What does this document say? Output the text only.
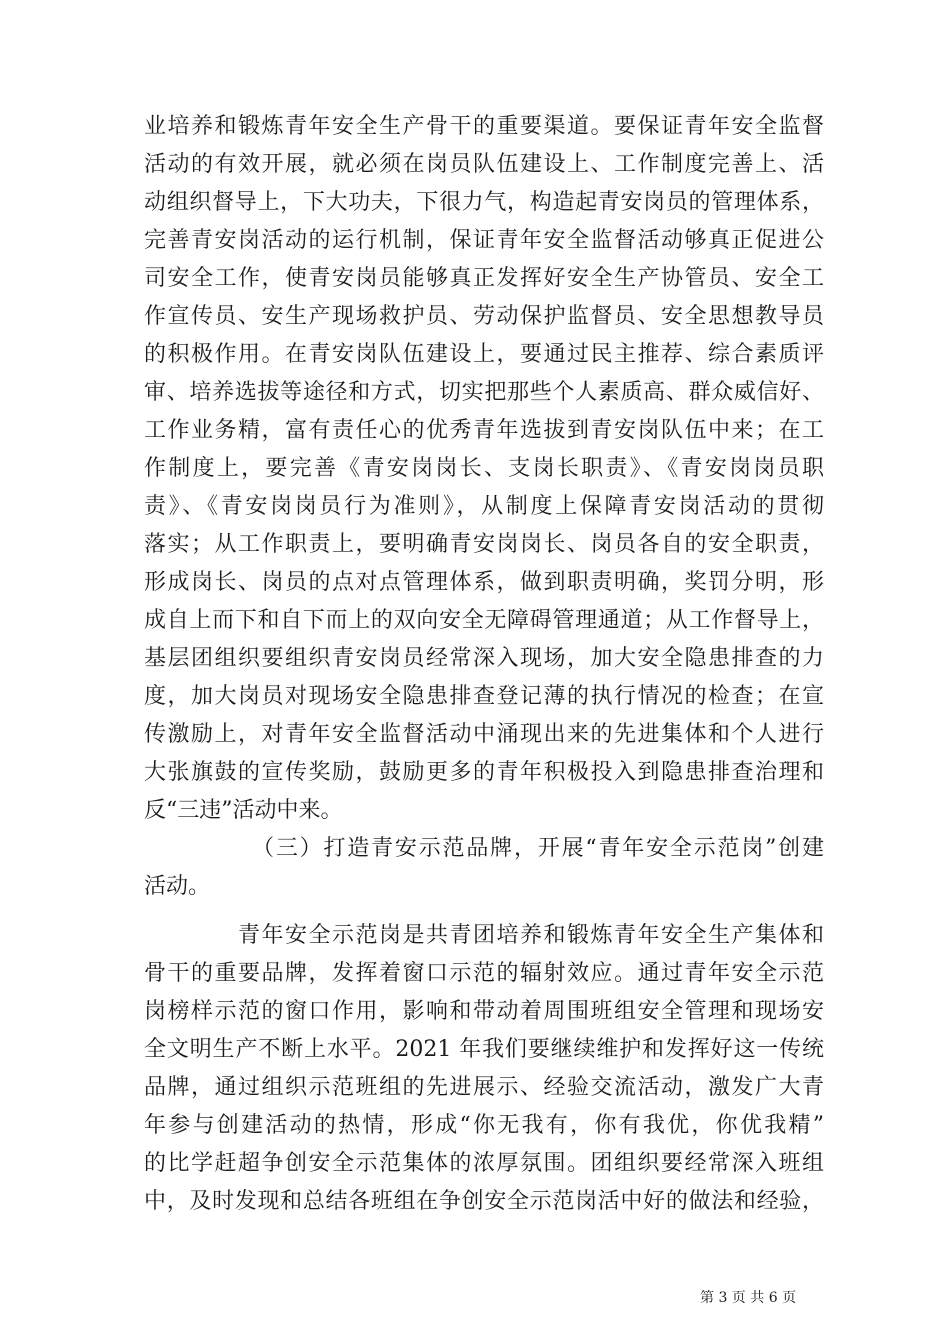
业培养和锻炼青年安全生产骨干的重要渠道。要保证青年安全监督
活动的有效开展，就必须在岗员队伍建设上、工作制度完善上、活
动组织督导上，下大功夫，下很力气，构造起青安岗员的管理体系，
完善青安岗活动的运行机制，保证青年安全监督活动够真正促进公
司安全工作，使青安岗员能够真正发挥好安全生产协管员、安全工
作宣传员、安生产现场救护员、劳动保护监督员、安全思想教导员
的积极作用。在青安岗队伍建设上，要通过民主推荐、综合素质评
审、培养选拔等途径和方式，切实把那些个人素质高、群众威信好、
工作业务精，富有责任心的优秀青年选拔到青安岗队伍中来；在工
作制度上，要完善《青安岗岗长、支岗长职责》、《青安岗岗员职
责》、《青安岗岗员行为准则》，从制度上保障青安岗活动的贯彻
落实；从工作职责上，要明确青安岗岗长、岗员各自的安全职责，
形成岗长、岗员的点对点管理体系，做到职责明确，奖罚分明，形
成自上而下和自下而上的双向安全无障碍管理通道；从工作督导上，
基层团组织要组织青安岗员经常深入现场，加大安全隐患排查的力
度，加大岗员对现场安全隐患排查登记薄的执行情况的检查；在宣
传激励上，对青年安全监督活动中涌现出来的先进集体和个人进行
大张旗鼓的宣传奖励，鼓励更多的青年积极投入到隐患排查治理和
反“三违”活动中来。
　　　　　（三）打造青安示范品牌，开展“青年安全示范岗”创建
活动。
　　　　青年安全示范岗是共青团培养和锻炼青年安全生产集体和
骨干的重要品牌，发挥着窗口示范的辐射效应。通过青年安全示范
岗榜样示范的窗口作用，影响和带动着周围班组安全管理和现场安
全文明生产不断上水平。2021 年我们要继续维护和发挥好这一传统
品牌，通过组织示范班组的先进展示、经验交流活动，激发广大青
年参与创建活动的热情，形成“你无我有，你有我优，你优我精”
的比学赶超争创安全示范集体的浓厚氛围。团组织要经常深入班组
中，及时发现和总结各班组在争创安全示范岗活中好的做法和经验，
第 3 页 共 6 页
